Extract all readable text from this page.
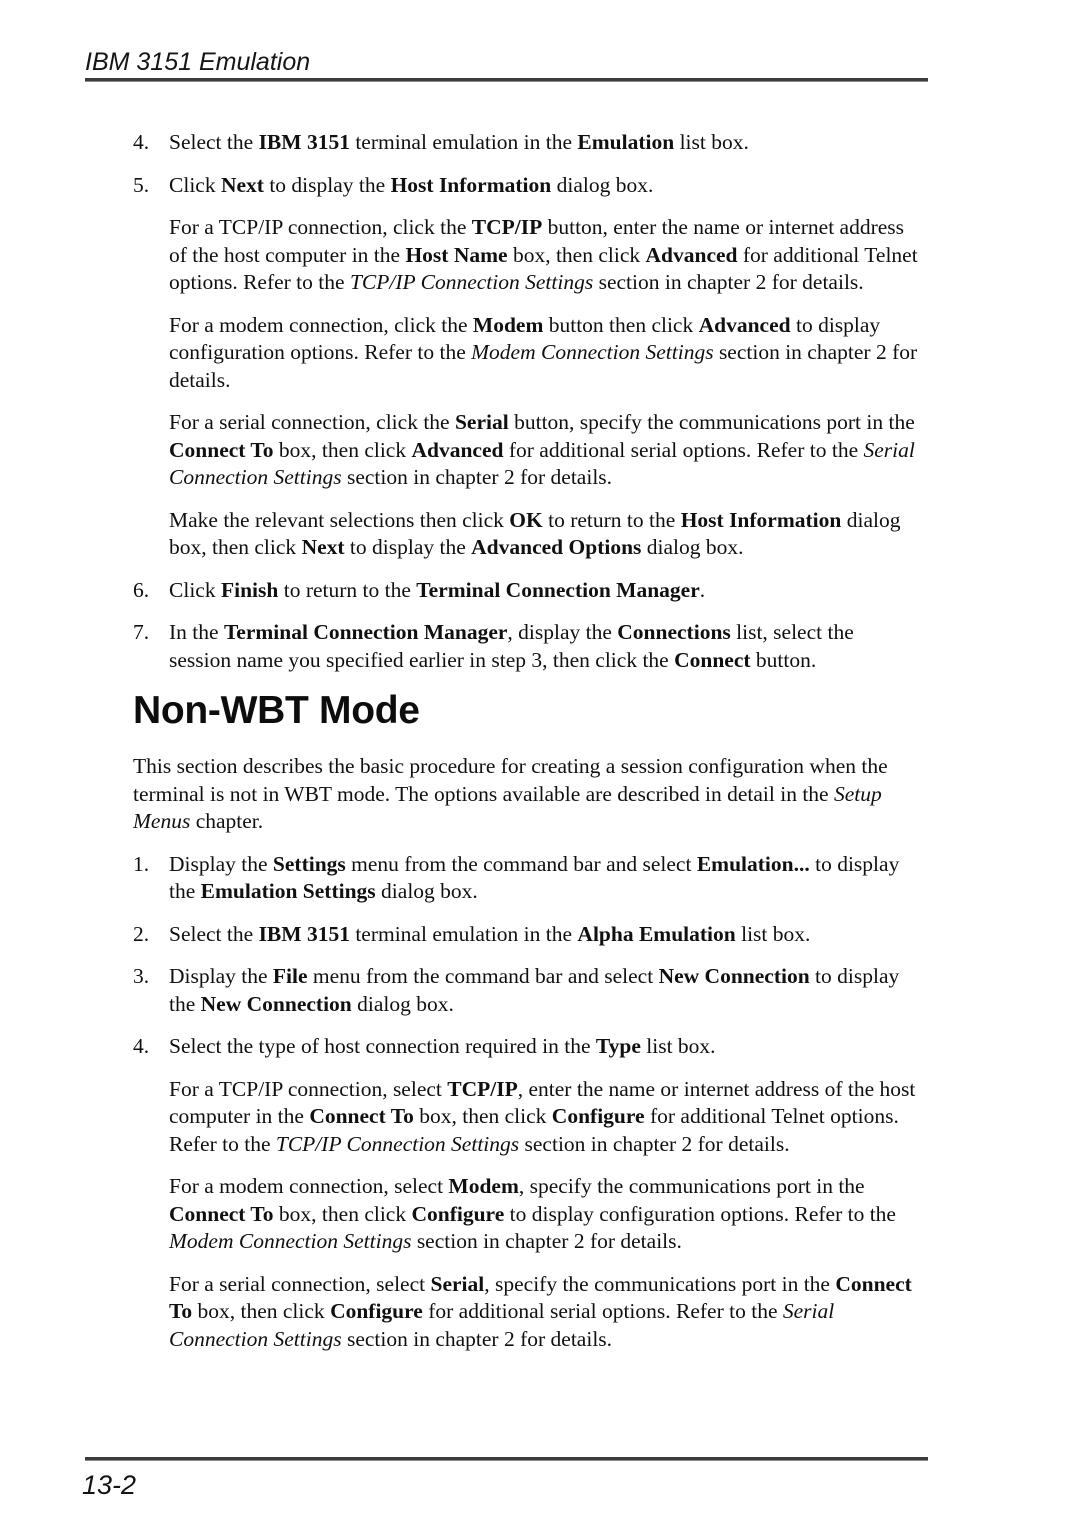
IBM 3151 Emulation
4. Select the IBM 3151 terminal emulation in the Emulation list box.
5. Click Next to display the Host Information dialog box.
For a TCP/IP connection, click the TCP/IP button, enter the name or internet address of the host computer in the Host Name box, then click Advanced for additional Telnet options. Refer to the TCP/IP Connection Settings section in chapter 2 for details.
For a modem connection, click the Modem button then click Advanced to display configuration options. Refer to the Modem Connection Settings section in chapter 2 for details.
For a serial connection, click the Serial button, specify the communications port in the Connect To box, then click Advanced for additional serial options. Refer to the Serial Connection Settings section in chapter 2 for details.
Make the relevant selections then click OK to return to the Host Information dialog box, then click Next to display the Advanced Options dialog box.
6. Click Finish to return to the Terminal Connection Manager.
7. In the Terminal Connection Manager, display the Connections list, select the session name you specified earlier in step 3, then click the Connect button.
Non-WBT Mode
This section describes the basic procedure for creating a session configuration when the terminal is not in WBT mode. The options available are described in detail in the Setup Menus chapter.
1. Display the Settings menu from the command bar and select Emulation... to display the Emulation Settings dialog box.
2. Select the IBM 3151 terminal emulation in the Alpha Emulation list box.
3. Display the File menu from the command bar and select New Connection to display the New Connection dialog box.
4. Select the type of host connection required in the Type list box.
For a TCP/IP connection, select TCP/IP, enter the name or internet address of the host computer in the Connect To box, then click Configure for additional Telnet options. Refer to the TCP/IP Connection Settings section in chapter 2 for details.
For a modem connection, select Modem, specify the communications port in the Connect To box, then click Configure to display configuration options. Refer to the Modem Connection Settings section in chapter 2 for details.
For a serial connection, select Serial, specify the communications port in the Connect To box, then click Configure for additional serial options. Refer to the Serial Connection Settings section in chapter 2 for details.
13-2
